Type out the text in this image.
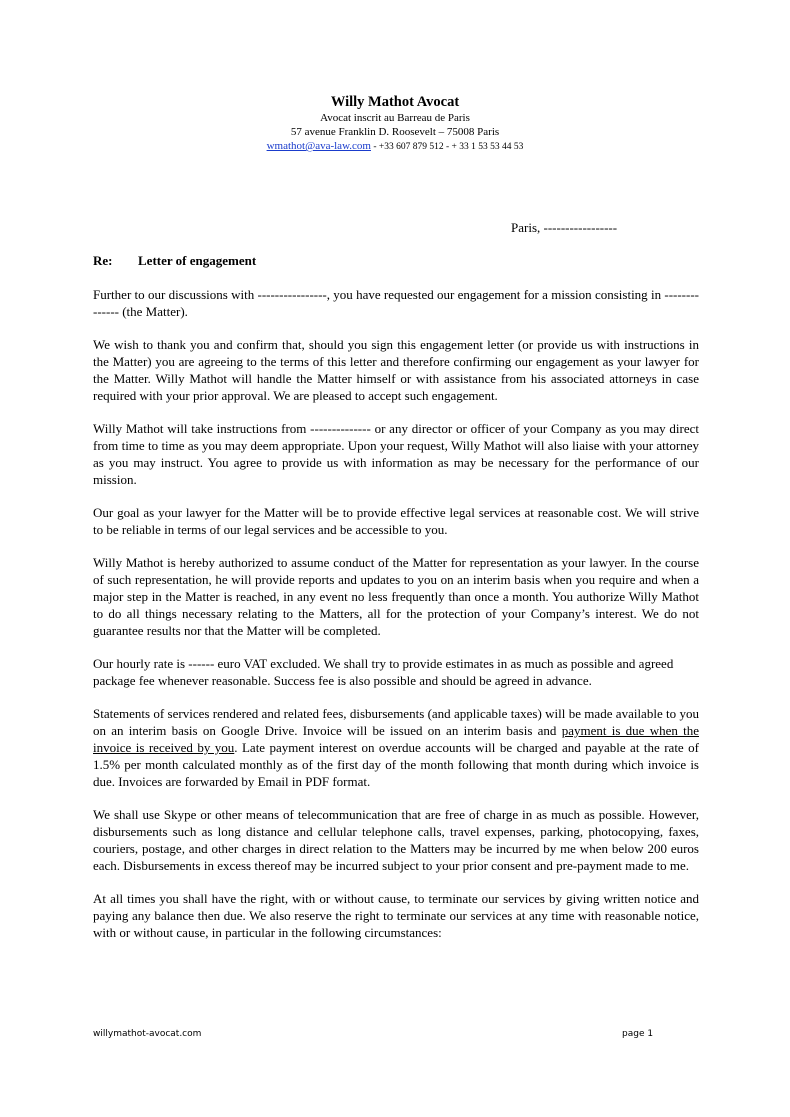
Willy Mathot Avocat
Avocat inscrit au Barreau de Paris
57 avenue Franklin D. Roosevelt – 75008 Paris
wmathot@ava-law.com - +33 607 879 512 - + 33 1 53 53 44 53
Paris, -----------------
Re: Letter of engagement

Further to our discussions with ----------------, you have requested our engagement for a mission consisting in -------------- (the Matter).

We wish to thank you and confirm that, should you sign this engagement letter (or provide us with instructions in the Matter) you are agreeing to the terms of this letter and therefore confirming our engagement as your lawyer for the Matter. Willy Mathot will handle the Matter himself or with assistance from his associated attorneys in case required with your prior approval. We are pleased to accept such engagement.

Willy Mathot will take instructions from -------------- or any director or officer of your Company as you may direct from time to time as you may deem appropriate. Upon your request, Willy Mathot will also liaise with your attorney as you may instruct. You agree to provide us with information as may be necessary for the performance of our mission.

Our goal as your lawyer for the Matter will be to provide effective legal services at reasonable cost. We will strive to be reliable in terms of our legal services and be accessible to you.

Willy Mathot is hereby authorized to assume conduct of the Matter for representation as your lawyer. In the course of such representation, he will provide reports and updates to you on an interim basis when you require and when a major step in the Matter is reached, in any event no less frequently than once a month. You authorize Willy Mathot to do all things necessary relating to the Matters, all for the protection of your Company’s interest. We do not guarantee results nor that the Matter will be completed.

Our hourly rate is ------ euro VAT excluded. We shall try to provide estimates in as much as possible and agreed package fee whenever reasonable. Success fee is also possible and should be agreed in advance.

Statements of services rendered and related fees, disbursements (and applicable taxes) will be made available to you on an interim basis on Google Drive. Invoice will be issued on an interim basis and payment is due when the invoice is received by you. Late payment interest on overdue accounts will be charged and payable at the rate of 1.5% per month calculated monthly as of the first day of the month following that month during which invoice is due. Invoices are forwarded by Email in PDF format.

We shall use Skype or other means of telecommunication that are free of charge in as much as possible. However, disbursements such as long distance and cellular telephone calls, travel expenses, parking, photocopying, faxes, couriers, postage, and other charges in direct relation to the Matters may be incurred by me when below 200 euros each. Disbursements in excess thereof may be incurred subject to your prior consent and pre-payment made to me.

At all times you shall have the right, with or without cause, to terminate our services by giving written notice and paying any balance then due. We also reserve the right to terminate our services at any time with reasonable notice, with or without cause, in particular in the following circumstances:

willymathot-avocat.com	page 1
